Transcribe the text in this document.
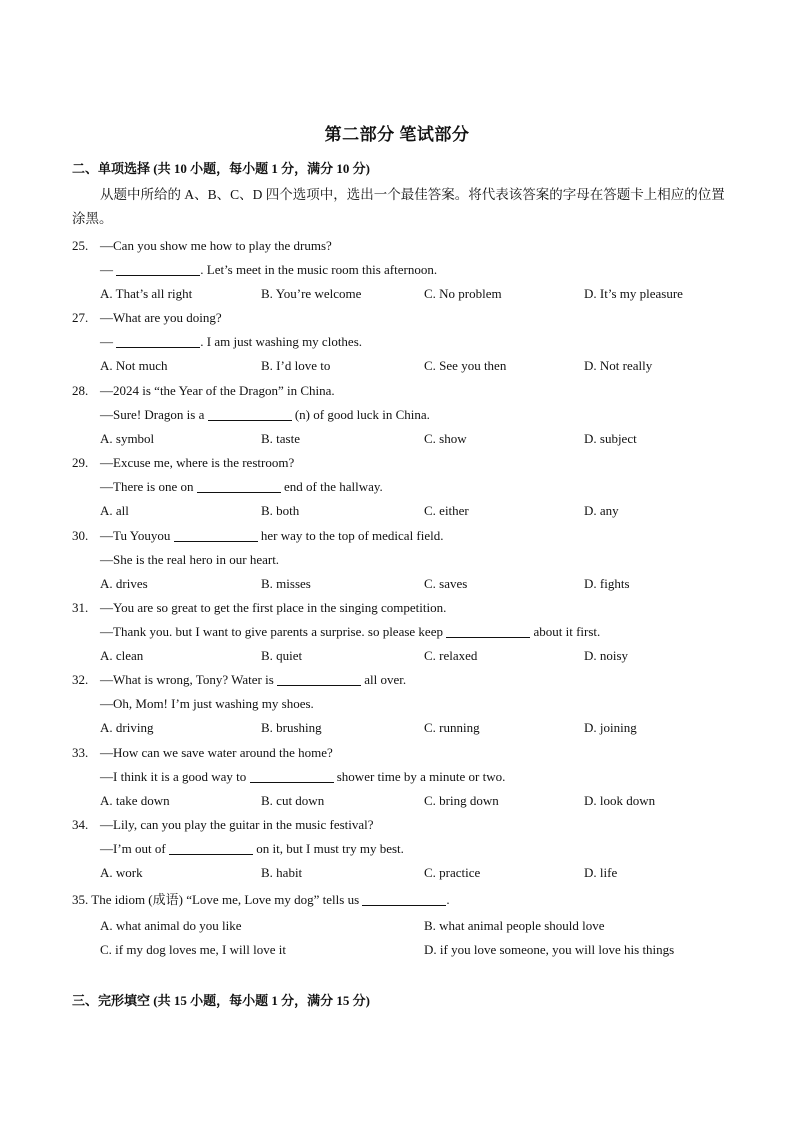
第二部分 笔试部分
二、单项选择 (共 10 小题，每小题 1 分，满分 10 分)
从题中所给的 A、B、C、D 四个选项中，选出一个最佳答案。将代表该答案的字母在答题卡上相应的位置涂黑。
25. —Can you show me how to play the drums?
—	. Let’s meet in the music room this afternoon.
A. That’s all right	B. You’re welcome	C. No problem	D. It’s my pleasure
27. —What are you doing?
—	. I am just washing my clothes.
A. Not much	B. I’d love to	C. See you then	D. Not really
28. —2024 is “the Year of the Dragon” in China.
—Sure! Dragon is a	(n) of good luck in China.
A. symbol	B. taste	C. show	D. subject
29. —Excuse me, where is the restroom?
—There is one on	end of the hallway.
A. all	B. both	C. either	D. any
30. —Tu Youyou	her way to the top of medical field.
—She is the real hero in our heart.
A. drives	B. misses	C. saves	D. fights
31. —You are so great to get the first place in the singing competition.
—Thank you. but I want to give parents a surprise. so please keep	about it first.
A. clean	B. quiet	C. relaxed	D. noisy
32. —What is wrong, Tony? Water is	all over.
—Oh, Mom! I’m just washing my shoes.
A. driving	B. brushing	C. running	D. joining
33. —How can we save water around the home?
—I think it is a good way to	shower time by a minute or two.
A. take down	B. cut down	C. bring down	D. look down
34. —Lily, can you play the guitar in the music festival?
—I’m out of	on it, but I must try my best.
A. work	B. habit	C. practice	D. life
35. The idiom (成语) “Love me, Love my dog” tells us	.
A. what animal do you like	B. what animal people should love
C. if my dog loves me, I will love it	D. if you love someone, you will love his things
三、完形填空 (共 15 小题，每小题 1 分，满分 15 分)
